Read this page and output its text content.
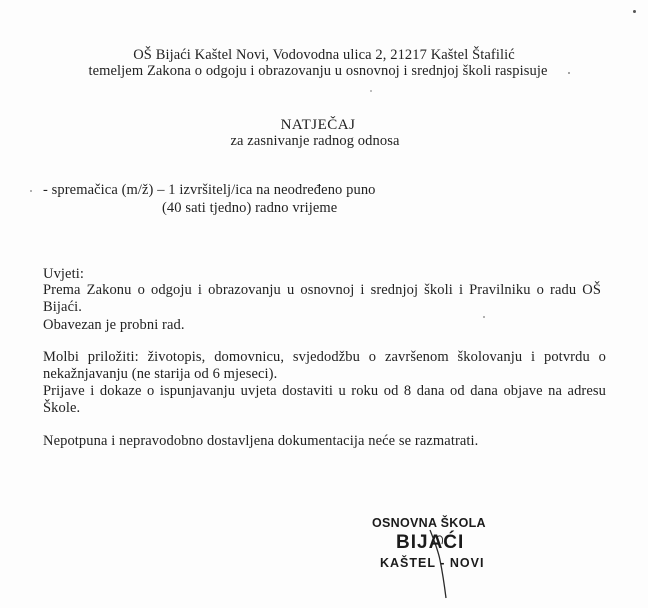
OŠ Bijaći Kaštel Novi, Vodovodna ulica 2, 21217 Kaštel Štafilić
temeljem Zakona o odgoju i obrazovanju u osnovnoj i srednjoj školi raspisuje
NATJEČAJ
za zasnivanje radnog odnosa
- spremačica (m/ž) – 1 izvršitelj/ica na neodređeno puno
(40 sati tjedno) radno vrijeme
Uvjeti:
Prema Zakonu o odgoju i obrazovanju u osnovnoj i srednjoj školi i Pravilniku o radu OŠ
Bijaći.
Obavezan je probni rad.
Molbi priložiti: životopis, domovnicu, svjedodžbu o završenom školovanju i potvrdu o
nekažnjavanju (ne starija od 6 mjeseci).
Prijave i dokaze o ispunjavanju uvjeta dostaviti u roku od 8 dana od dana objave na adresu
Škole.
Nepotpuna i nepravodobno dostavljena dokumentacija neće se razmatrati.
OSNOVNA ŠKOLA
BIJAĆI
KAŠTEL - NOVI
